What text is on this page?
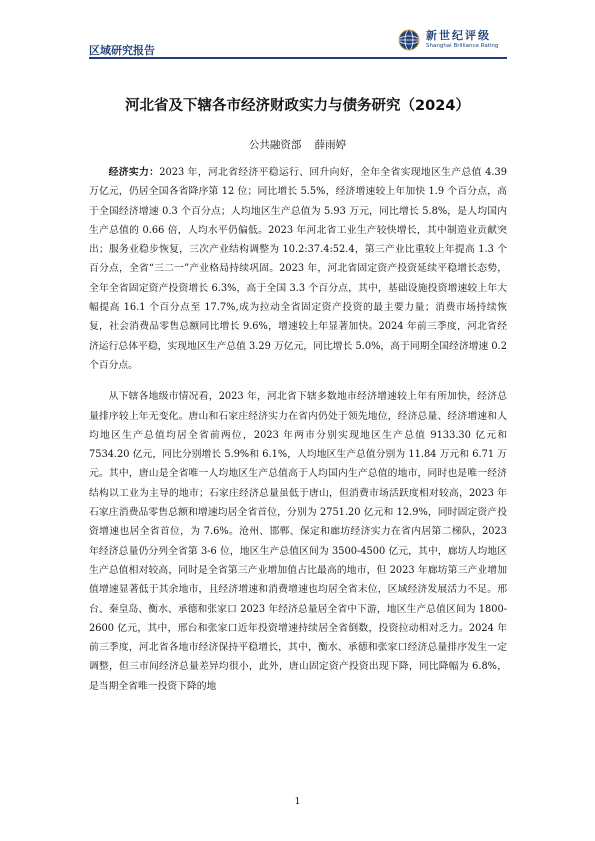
区域研究报告
新世纪评级
Shanghai Brilliance Rating
河北省及下辖各市经济财政实力与债务研究（2024）
公共融资部 薛雨婷

经济实力：2023 年，河北省经济平稳运行、回升向好，全年全省实现地区生产总值 4.39 万亿元，仍居全国各省降序第 12 位；同比增长 5.5%，经济增速较上年加快 1.9 个百分点，高于全国经济增速 0.3 个百分点；人均地区生产总值为 5.93 万元，同比增长 5.8%，是人均国内生产总值的 0.66 倍，人均水平仍偏低。2023 年河北省工业生产较快增长，其中制造业贡献突出；服务业稳步恢复，三次产业结构调整为 10.2:37.4:52.4，第三产业比重较上年提高 1.3 个百分点，全省“三二一”产业格局持续巩固。2023 年，河北省固定资产投资延续平稳增长态势，全年全省固定资产投资增长 6.3%，高于全国 3.3 个百分点，其中，基础设施投资增速较上年大幅提高 16.1 个百分点至 17.7%,成为拉动全省固定资产投资的最主要力量；消费市场持续恢复，社会消费品零售总额同比增长 9.6%，增速较上年显著加快。2024 年前三季度，河北省经济运行总体平稳，实现地区生产总值 3.29 万亿元，同比增长 5.0%，高于同期全国经济增速 0.2 个百分点。

从下辖各地级市情况看，2023 年，河北省下辖多数地市经济增速较上年有所加快，经济总量排序较上年无变化。唐山和石家庄经济实力在省内仍处于领先地位，经济总量、经济增速和人均地区生产总值均居全省前两位，2023 年两市分别实现地区生产总值 9133.30 亿元和 7534.20 亿元，同比分别增长 5.9%和 6.1%，人均地区生产总值分别为 11.84 万元和 6.71 万元。其中，唐山是全省唯一人均地区生产总值高于人均国内生产总值的地市，同时也是唯一经济结构以工业为主导的地市；石家庄经济总量虽低于唐山，但消费市场活跃度相对较高，2023 年石家庄消费品零售总额和增速均居全省首位，分别为 2751.20 亿元和 12.9%，同时固定资产投资增速也居全省首位，为 7.6%。沧州、邯郸、保定和廊坊经济实力在省内居第二梯队，2023 年经济总量仍分列全省第 3-6 位，地区生产总值区间为 3500-4500 亿元，其中，廊坊人均地区生产总值相对较高，同时是全省第三产业增加值占比最高的地市，但 2023 年廊坊第三产业增加值增速显著低于其余地市，且经济增速和消费增速也均居全省末位，区域经济发展活力不足。邢台、秦皇岛、衡水、承德和张家口 2023 年经济总量居全省中下游，地区生产总值区间为 1800-2600 亿元，其中，邢台和张家口近年投资增速持续居全省倒数，投资拉动相对乏力。2024 年前三季度，河北省各地市经济保持平稳增长，其中，衡水、承德和张家口经济总量排序发生一定调整，但三市间经济总量差异均很小，此外，唐山固定资产投资出现下降，同比降幅为 6.8%，是当期全省唯一投资下降的地

1
